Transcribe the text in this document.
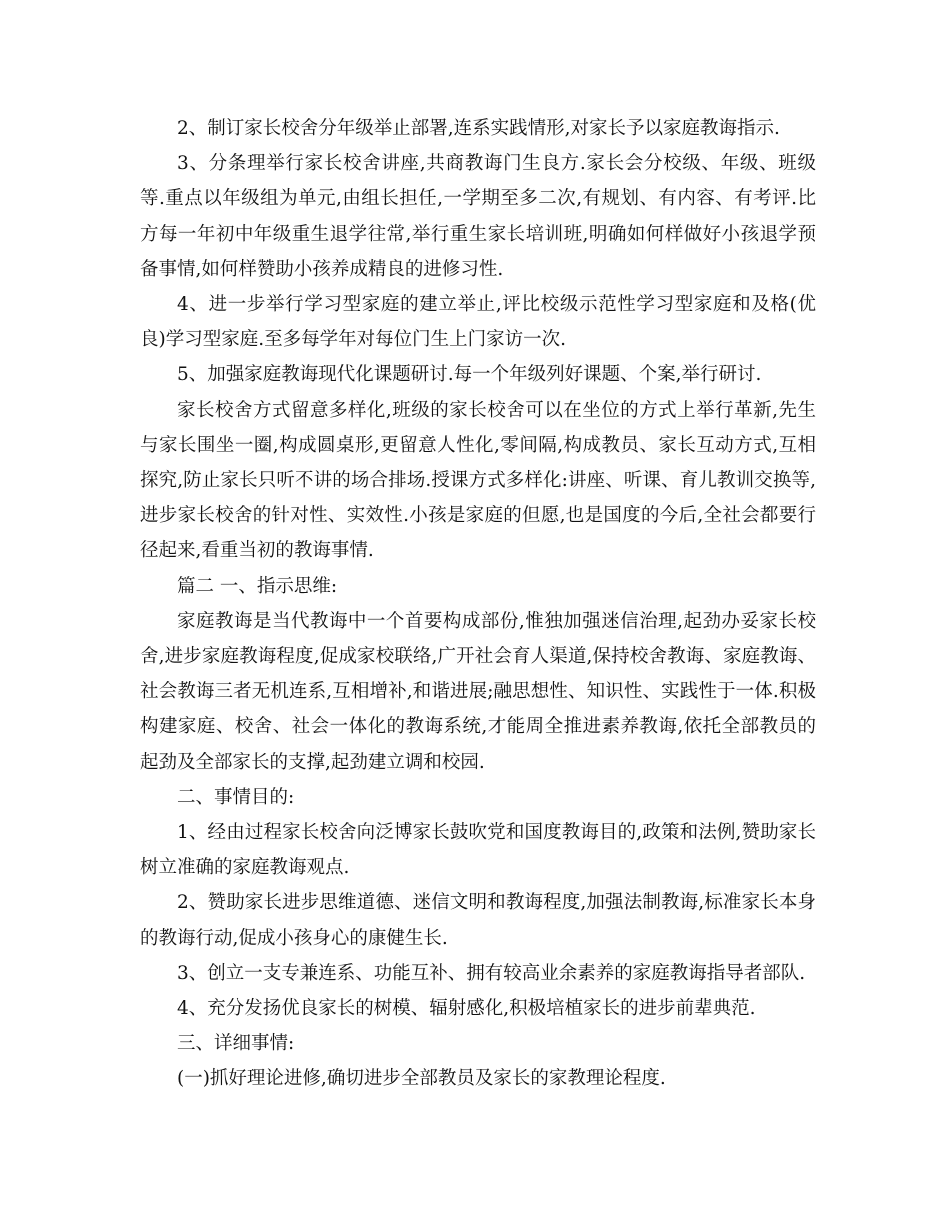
2、制订家长校舍分年级举止部署,连系实践情形,对家长予以家庭教诲指示.

3、分条理举行家长校舍讲座,共商教诲门生良方.家长会分校级、年级、班级等.重点以年级组为单元,由组长担任,一学期至多二次,有规划、有内容、有考评.比方每一年初中年级重生退学往常,举行重生家长培训班,明确如何样做好小孩退学预备事情,如何样赞助小孩养成精良的进修习性.

4、进一步举行学习型家庭的建立举止,评比校级示范性学习型家庭和及格(优良)学习型家庭.至多每学年对每位门生上门家访一次.

5、加强家庭教诲现代化课题研讨.每一个年级列好课题、个案,举行研讨.

家长校舍方式留意多样化,班级的家长校舍可以在坐位的方式上举行革新,先生与家长围坐一圈,构成圆桌形,更留意人性化,零间隔,构成教员、家长互动方式,互相探究,防止家长只听不讲的场合排场.授课方式多样化:讲座、听课、育儿教训交换等,进步家长校舍的针对性、实效性.小孩是家庭的但愿,也是国度的今后,全社会都要行径起来,看重当初的教诲事情.

篇二 一、指示思维:

家庭教诲是当代教诲中一个首要构成部份,惟独加强迷信治理,起劲办妥家长校舍,进步家庭教诲程度,促成家校联络,广开社会育人渠道,保持校舍教诲、家庭教诲、社会教诲三者无机连系,互相增补,和谐进展;融思想性、知识性、实践性于一体.积极构建家庭、校舍、社会一体化的教诲系统,才能周全推进素养教诲,依托全部教员的起劲及全部家长的支撑,起劲建立调和校园.

二、事情目的:

1、经由过程家长校舍向泛博家长鼓吹党和国度教诲目的,政策和法例,赞助家长树立准确的家庭教诲观点.

2、赞助家长进步思维道德、迷信文明和教诲程度,加强法制教诲,标准家长本身的教诲行动,促成小孩身心的康健生长.

3、创立一支专兼连系、功能互补、拥有较高业余素养的家庭教诲指导者部队.

4、充分发扬优良家长的树模、辐射感化,积极培植家长的进步前辈典范.

三、详细事情:

(一)抓好理论进修,确切进步全部教员及家长的家教理论程度.
